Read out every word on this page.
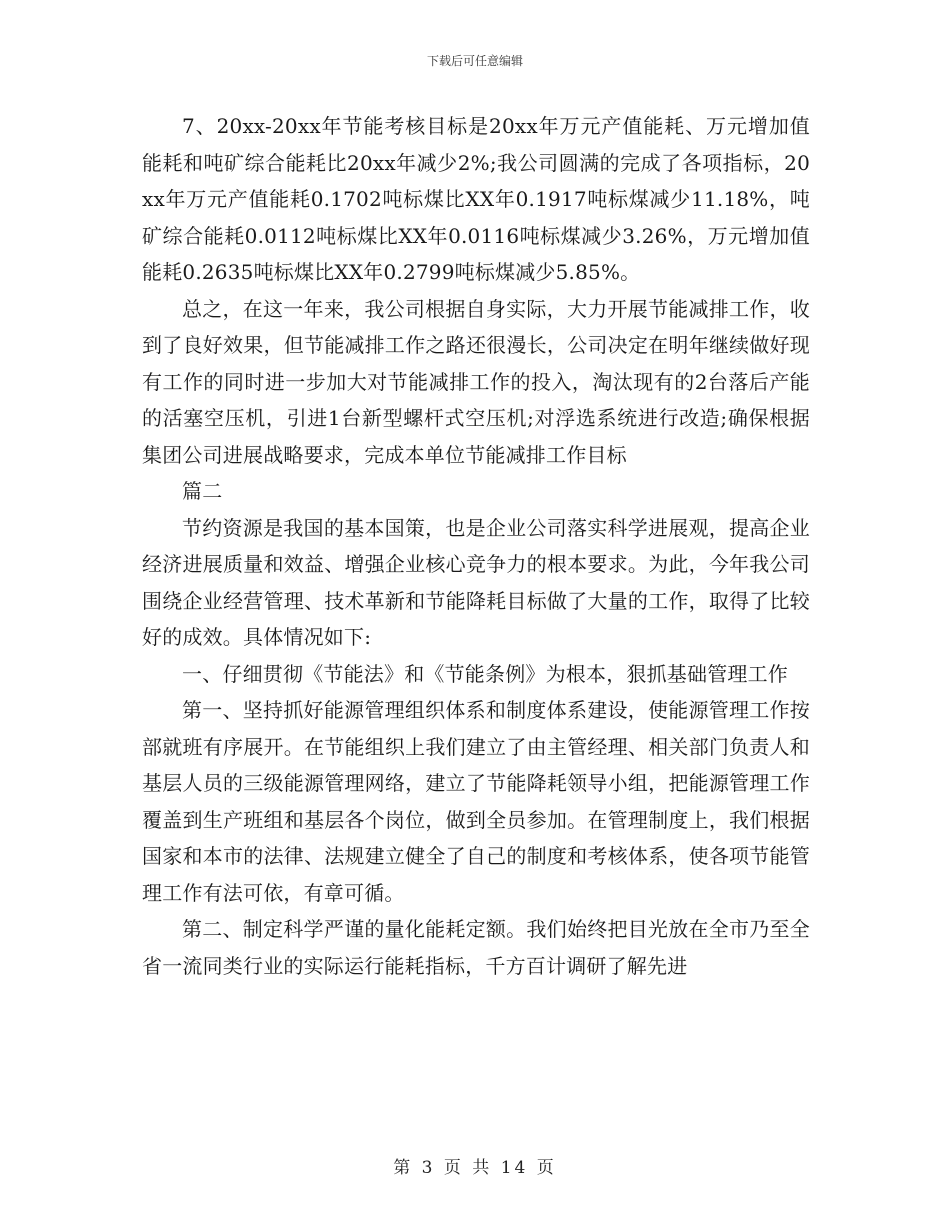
下载后可任意编辑

7、20xx-20xx年节能考核目标是20xx年万元产值能耗、万元增加值能耗和吨矿综合能耗比20xx年减少2%;我公司圆满的完成了各项指标，20xx年万元产值能耗0.1702吨标煤比XX年0.1917吨标煤减少11.18%，吨矿综合能耗0.0112吨标煤比XX年0.0116吨标煤减少3.26%，万元增加值能耗0.2635吨标煤比XX年0.2799吨标煤减少5.85%。

总之，在这一年来，我公司根据自身实际，大力开展节能减排工作，收到了良好效果，但节能减排工作之路还很漫长，公司决定在明年继续做好现有工作的同时进一步加大对节能减排工作的投入，淘汰现有的2台落后产能的活塞空压机，引进1台新型螺杆式空压机;对浮选系统进行改造;确保根据集团公司进展战略要求，完成本单位节能减排工作目标

篇二

节约资源是我国的基本国策，也是企业公司落实科学进展观，提高企业经济进展质量和效益、增强企业核心竞争力的根本要求。为此，今年我公司围绕企业经营管理、技术革新和节能降耗目标做了大量的工作，取得了比较好的成效。具体情况如下:

一、仔细贯彻《节能法》和《节能条例》为根本，狠抓基础管理工作

第一、坚持抓好能源管理组织体系和制度体系建设，使能源管理工作按部就班有序展开。在节能组织上我们建立了由主管经理、相关部门负责人和基层人员的三级能源管理网络，建立了节能降耗领导小组，把能源管理工作覆盖到生产班组和基层各个岗位，做到全员参加。在管理制度上，我们根据国家和本市的法律、法规建立健全了自己的制度和考核体系，使各项节能管理工作有法可依，有章可循。

第二、制定科学严谨的量化能耗定额。我们始终把目光放在全市乃至全省一流同类行业的实际运行能耗指标，千方百计调研了解先进

第 3 页 共 14 页
